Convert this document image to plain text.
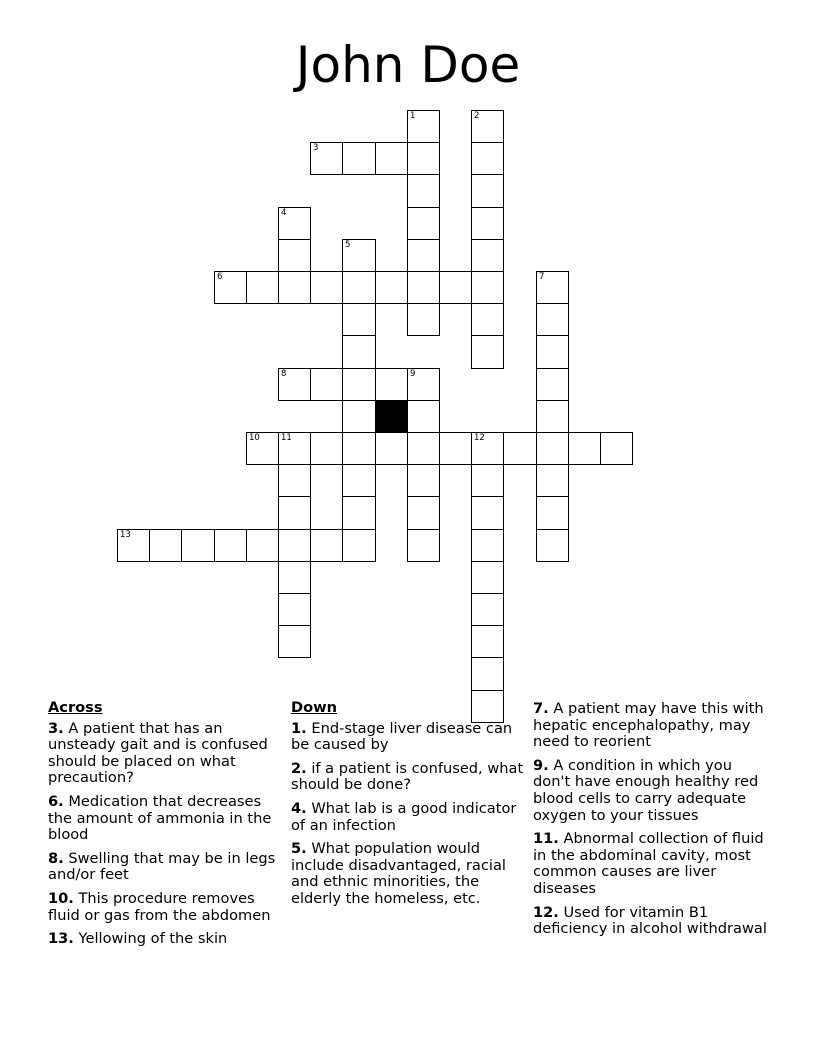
John Doe
1	2
3
4
5
6	7
8	9
10 11	12
13
Across
3. A patient that has an unsteady gait and is confused should be placed on what precaution?
6. Medication that decreases the amount of ammonia in the blood
8. Swelling that may be in legs and/or feet
10. This procedure removes fluid or gas from the abdomen
13. Yellowing of the skin
Down
1. End-stage liver disease can be caused by
2. if a patient is confused, what should be done?
4. What lab is a good indicator of an infection
5. What population would include disadvantaged, racial and ethnic minorities, the elderly the homeless, etc.
7. A patient may have this with hepatic encephalopathy, may need to reorient
9. A condition in which you don't have enough healthy red blood cells to carry adequate oxygen to your tissues
11. Abnormal collection of fluid in the abdominal cavity, most common causes are liver diseases
12. Used for vitamin B1 deficiency in alcohol withdrawal
